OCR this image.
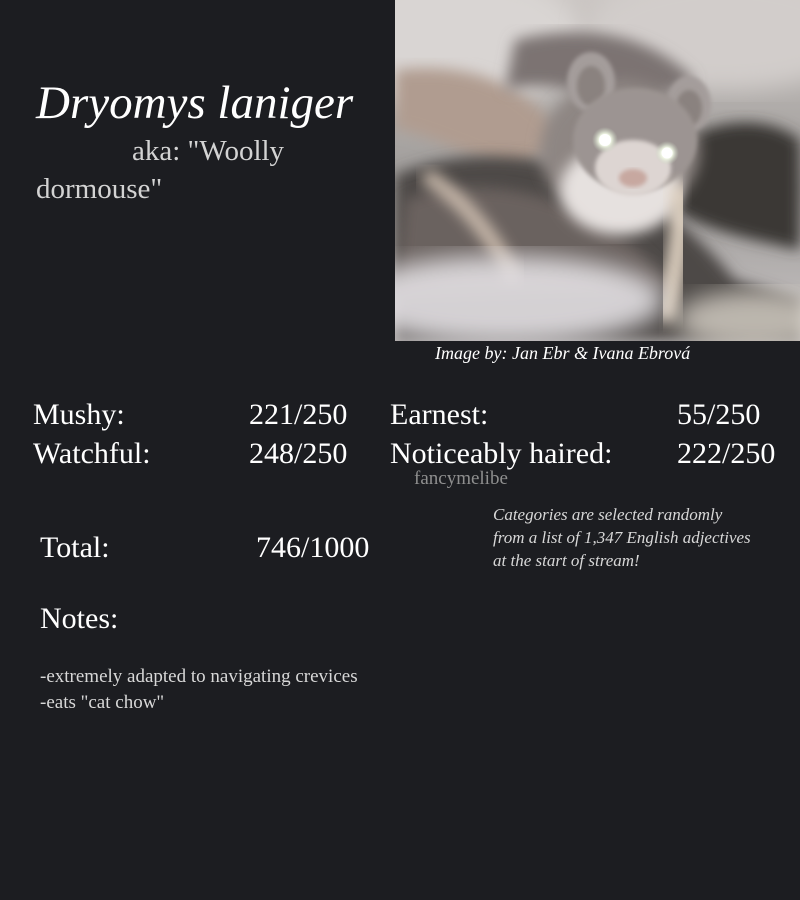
Dryomys laniger
aka: "Woolly dormouse"
Image by: Jan Ebr & Ivana Ebrová
Mushy:	221/250 Earnest:	55/250
Watchful:	248/250 Noticeably haired: 222/250
fancymelibe
Categories are selected randomly from a list of 1,347 English adjectives at the start of stream!
Total:	746/1000
Notes:
-extremely adapted to navigating crevices
-eats "cat chow"
